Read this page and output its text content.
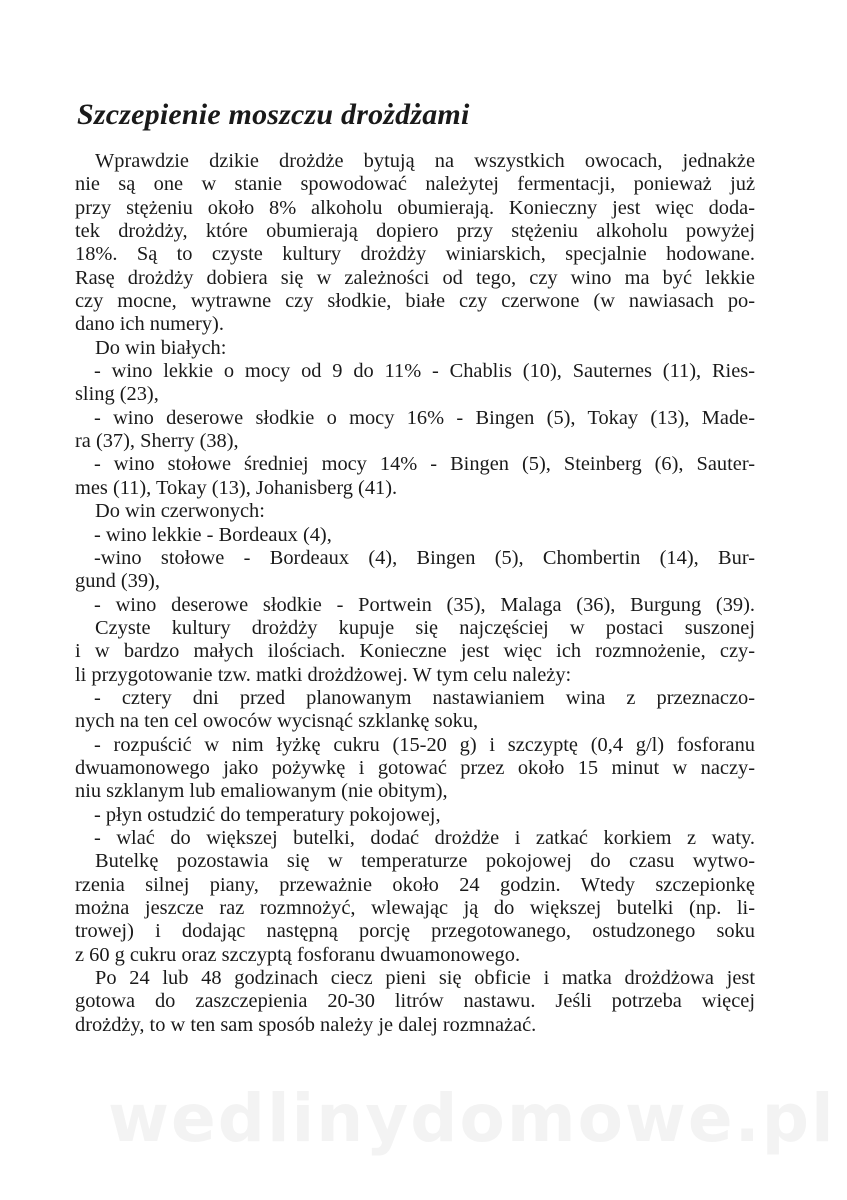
Szczepienie moszczu drożdżami
Wprawdzie dzikie drożdże bytują na wszystkich owocach, jednakże
nie są one w stanie spowodować należytej fermentacji, ponieważ już
przy stężeniu około 8% alkoholu obumierają. Konieczny jest więc doda-
tek drożdży, które obumierają dopiero przy stężeniu alkoholu powyżej
18%. Są to czyste kultury drożdży winiarskich, specjalnie hodowane.
Rasę drożdży dobiera się w zależności od tego, czy wino ma być lekkie
czy mocne, wytrawne czy słodkie, białe czy czerwone (w nawiasach po-
dano ich numery).
Do win białych:
- wino lekkie o mocy od 9 do 11% - Chablis (10), Sauternes (11), Ries-
sling (23),
- wino deserowe słodkie o mocy 16% - Bingen (5), Tokay (13), Made-
ra (37), Sherry (38),
- wino stołowe średniej mocy 14% - Bingen (5), Steinberg (6), Sauter-
mes (11), Tokay (13), Johanisberg (41).
Do win czerwonych:
- wino lekkie - Bordeaux (4),
-wino stołowe - Bordeaux (4), Bingen (5), Chombertin (14), Bur-
gund (39),
- wino deserowe słodkie - Portwein (35), Malaga (36), Burgung (39).
Czyste kultury drożdży kupuje się najczęściej w postaci suszonej
i w bardzo małych ilościach. Konieczne jest więc ich rozmnożenie, czy-
li przygotowanie tzw. matki drożdżowej. W tym celu należy:
- cztery dni przed planowanym nastawianiem wina z przeznaczo-
nych na ten cel owoców wycisnąć szklankę soku,
- rozpuścić w nim łyżkę cukru (15-20 g) i szczyptę (0,4 g/l) fosforanu
dwuamonowego jako pożywkę i gotować przez około 15 minut w naczy-
niu szklanym lub emaliowanym (nie obitym),
- płyn ostudzić do temperatury pokojowej,
- wlać do większej butelki, dodać drożdże i zatkać korkiem z waty.
Butelkę pozostawia się w temperaturze pokojowej do czasu wytwo-
rzenia silnej piany, przeważnie około 24 godzin. Wtedy szczepionkę
można jeszcze raz rozmnożyć, wlewając ją do większej butelki (np. li-
trowej) i dodając następną porcję przegotowanego, ostudzonego soku
z 60 g cukru oraz szczyptą fosforanu dwuamonowego.
Po 24 lub 48 godzinach ciecz pieni się obficie i matka drożdżowa jest
gotowa do zaszczepienia 20-30 litrów nastawu. Jeśli potrzeba więcej
drożdży, to w ten sam sposób należy je dalej rozmnażać.
wedlinydomowe.pl
